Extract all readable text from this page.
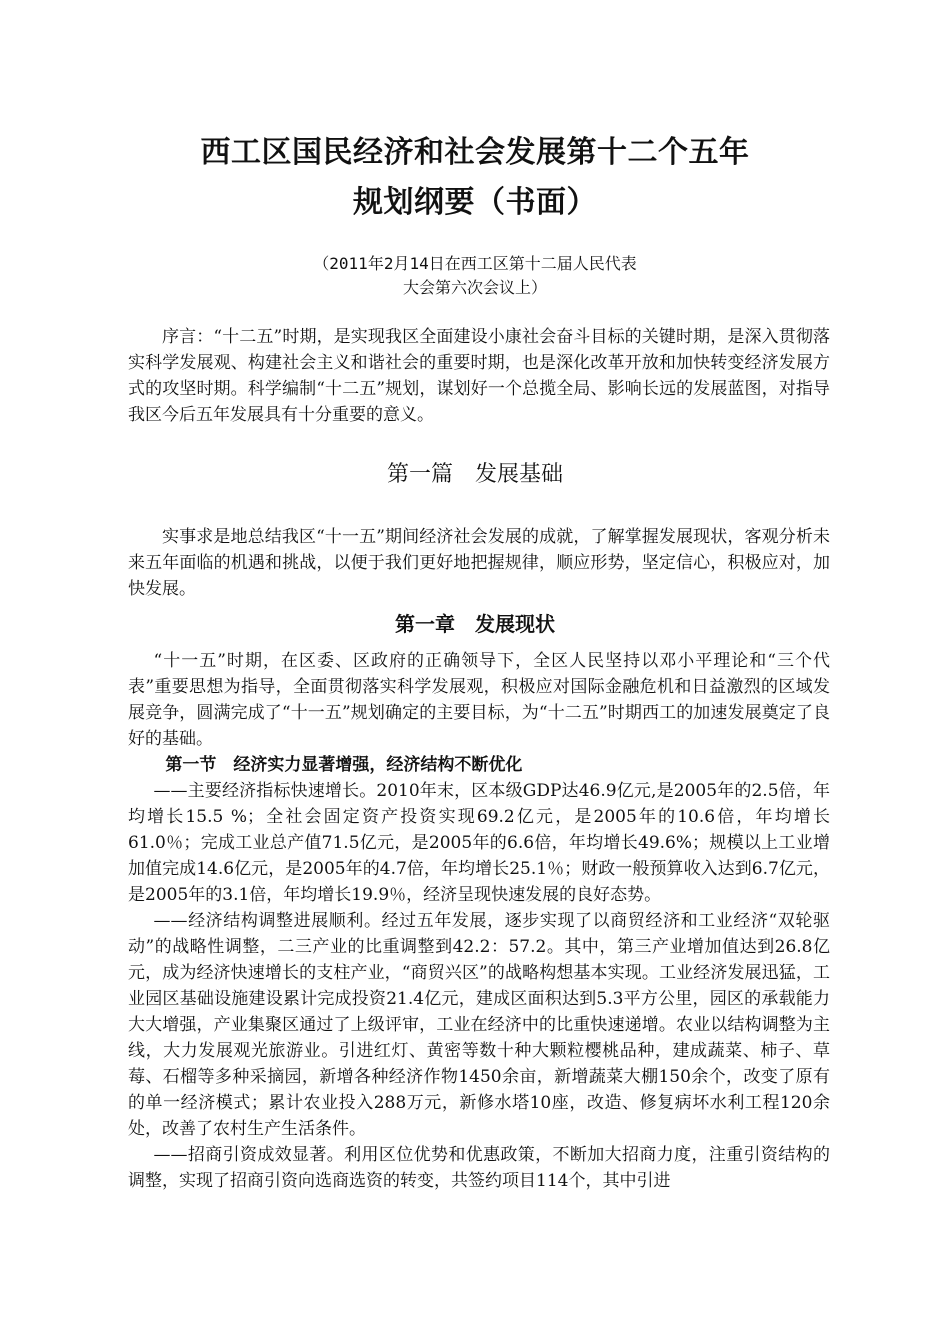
西工区国民经济和社会发展第十二个五年
规划纲要（书面）
（2011年2月14日在西工区第十二届人民代表
大会第六次会议上）

序言：“十二五”时期，是实现我区全面建设小康社会奋斗目标的关键时期，是深入贯彻落实科学发展观、构建社会主义和谐社会的重要时期，也是深化改革开放和加快转变经济发展方式的攻坚时期。科学编制“十二五”规划，谋划好一个总揽全局、影响长远的发展蓝图，对指导我区今后五年发展具有十分重要的意义。

第一篇　发展基础

实事求是地总结我区“十一五”期间经济社会发展的成就，了解掌握发展现状，客观分析未来五年面临的机遇和挑战，以便于我们更好地把握规律，顺应形势，坚定信心，积极应对，加快发展。

第一章　发展现状

“十一五”时期，在区委、区政府的正确领导下，全区人民坚持以邓小平理论和“三个代表”重要思想为指导，全面贯彻落实科学发展观，积极应对国际金融危机和日益激烈的区域发展竞争，圆满完成了“十一五”规划确定的主要目标，为“十二五”时期西工的加速发展奠定了良好的基础。

第一节　经济实力显著增强，经济结构不断优化

——主要经济指标快速增长。2010年末，区本级GDP达46.9亿元,是2005年的2.5倍，年均增长15.5 %；全社会固定资产投资实现69.2亿元，是2005年的10.6倍，年均增长61.0％；完成工业总产值71.5亿元，是2005年的6.6倍，年均增长49.6%；规模以上工业增加值完成14.6亿元，是2005年的4.7倍，年均增长25.1％；财政一般预算收入达到6.7亿元，是2005年的3.1倍，年均增长19.9％，经济呈现快速发展的良好态势。

——经济结构调整进展顺利。经过五年发展，逐步实现了以商贸经济和工业经济“双轮驱动”的战略性调整，二三产业的比重调整到42.2：57.2。其中，第三产业增加值达到26.8亿元，成为经济快速增长的支柱产业，“商贸兴区”的战略构想基本实现。工业经济发展迅猛，工业园区基础设施建设累计完成投资21.4亿元，建成区面积达到5.3平方公里，园区的承载能力大大增强，产业集聚区通过了上级评审，工业在经济中的比重快速递增。农业以结构调整为主线，大力发展观光旅游业。引进红灯、黄密等数十种大颗粒樱桃品种，建成蔬菜、柿子、草莓、石榴等多种采摘园，新增各种经济作物1450余亩，新增蔬菜大棚150余个，改变了原有的单一经济模式；累计农业投入288万元，新修水塔10座，改造、修复病坏水利工程120余处，改善了农村生产生活条件。

——招商引资成效显著。利用区位优势和优惠政策，不断加大招商力度，注重引资结构的调整，实现了招商引资向选商选资的转变，共签约项目114个，其中引进
